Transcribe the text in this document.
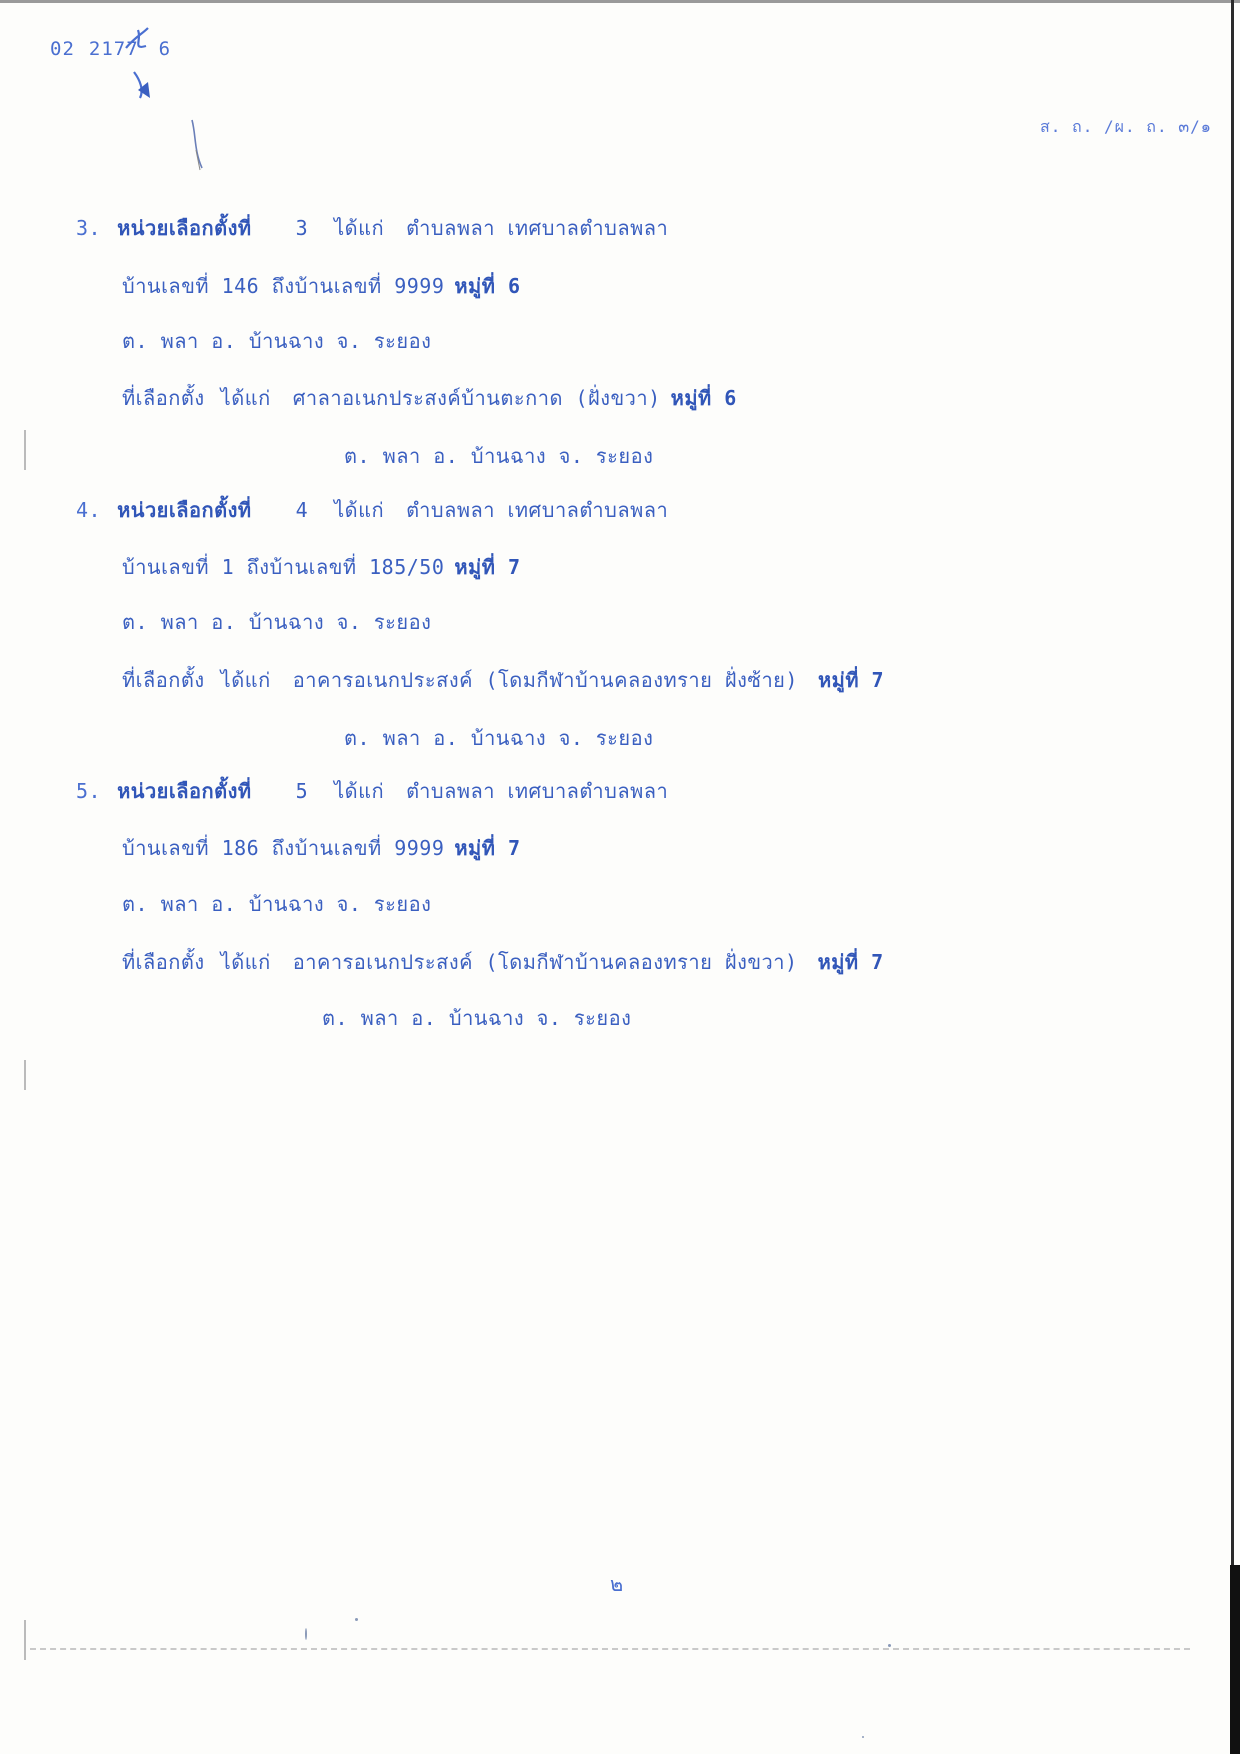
02 2177 6
ส. ถ. /ผ. ถ. ๓/๑
3. หน่วยเลือกตั้งที่ 3 ได้แก่ ตำบลพลา เทศบาลตำบลพลา
บ้านเลขที่ 146 ถึงบ้านเลขที่ 9999 หมู่ที่ 6
ต. พลา อ. บ้านฉาง จ. ระยอง
ที่เลือกตั้ง ได้แก่ ศาลาอเนกประสงค์บ้านตะกาด (ฝั่งขวา) หมู่ที่ 6
ต. พลา อ. บ้านฉาง จ. ระยอง
4. หน่วยเลือกตั้งที่ 4 ได้แก่ ตำบลพลา เทศบาลตำบลพลา
บ้านเลขที่ 1 ถึงบ้านเลขที่ 185/50 หมู่ที่ 7
ต. พลา อ. บ้านฉาง จ. ระยอง
ที่เลือกตั้ง ได้แก่ อาคารอเนกประสงค์ (โดมกีฬาบ้านคลองทราย ฝั่งซ้าย) หมู่ที่ 7
ต. พลา อ. บ้านฉาง จ. ระยอง
5. หน่วยเลือกตั้งที่ 5 ได้แก่ ตำบลพลา เทศบาลตำบลพลา
บ้านเลขที่ 186 ถึงบ้านเลขที่ 9999 หมู่ที่ 7
ต. พลา อ. บ้านฉาง จ. ระยอง
ที่เลือกตั้ง ได้แก่ อาคารอเนกประสงค์ (โดมกีฬาบ้านคลองทราย ฝั่งขวา) หมู่ที่ 7
ต. พลา อ. บ้านฉาง จ. ระยอง
๒
